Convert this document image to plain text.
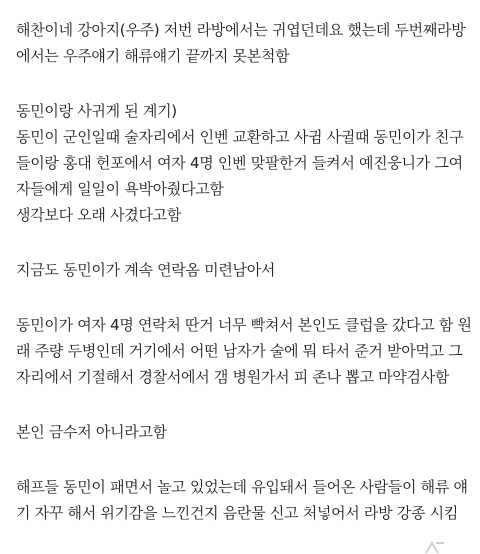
해찬이네 강아지(우주) 저번 라방에서는 귀엽던데요 했는데 두번째라방
에서는 우주얘기 해류얘기 끝까지 못본척함
동민이랑 사귀게 된 계기)
동민이 군인일때 술자리에서 인벤 교환하고 사귐 사귈때 동민이가 친구
들이랑 홍대 헌포에서 여자 4명 인벤 맞팔한거 들켜서 예진웅니가 그여
자들에게 일일이 욕박아줬다고함
생각보다 오래 사겼다고함
지금도 동민이가 계속 연락옴 미련남아서
동민이가 여자 4명 연락처 딴거 너무 빡쳐서 본인도 클럽을 갔다고 함 원
래 주량 두병인데 거기에서 어떤 남자가 술에 뭐 타서 준거 받아먹고 그
자리에서 기절해서 경찰서에서 갬 병원가서 피 존나 뽑고 마약검사함
본인 금수저 아니라고함
해프들 동민이 패면서 놀고 있었는데 유입돼서 들어온 사람들이 해류 얘
기 자꾸 해서 위기감을 느낀건지 음란물 신고 처넣어서 라방 강종 시킴
